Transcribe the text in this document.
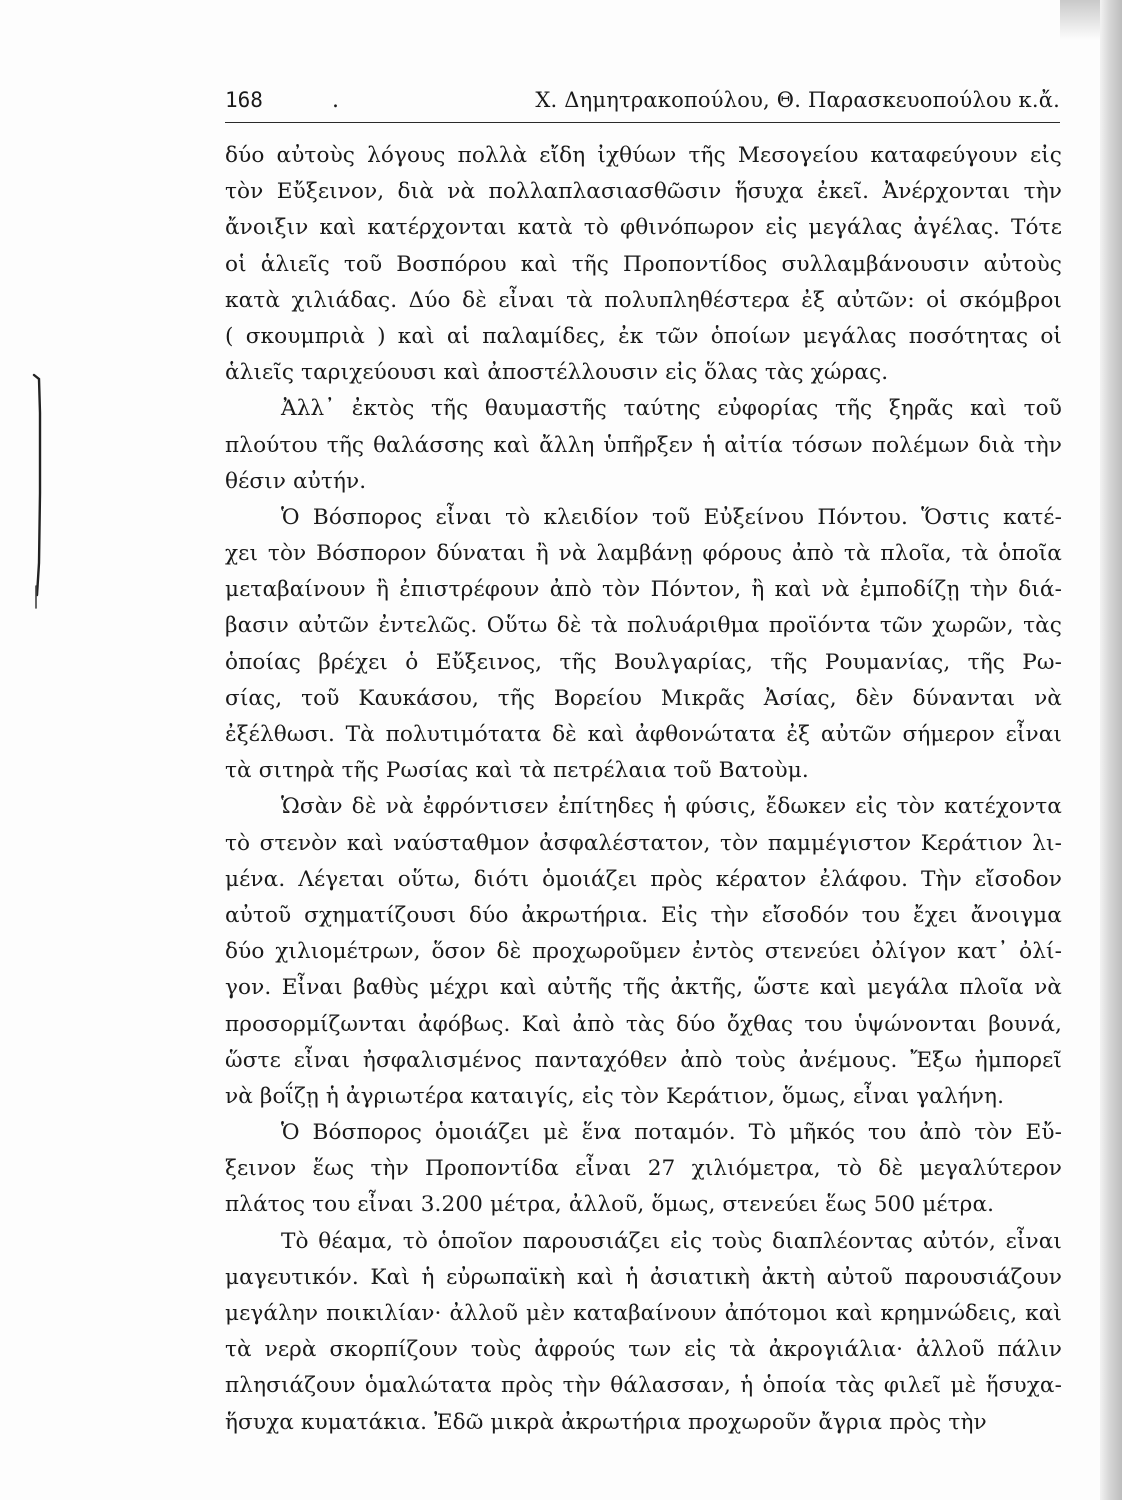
168	.	Χ. Δημητρακοπούλου, Θ. Παρασκευοπούλου κ.ἄ.
δύο αὐτοὺς λόγους πολλὰ εἴδη ἰχθύων τῆς Μεσογείου καταφεύγουν εἰς
τὸν Εὔξεινον, διὰ νὰ πολλαπλασιασθῶσιν ἥσυχα ἐκεῖ. Ἀνέρχονται τὴν
ἄνοιξιν καὶ κατέρχονται κατὰ τὸ φθινόπωρον εἰς μεγάλας ἀγέλας. Τότε
οἱ ἁλιεῖς τοῦ Βοσπόρου καὶ τῆς Προποντίδος συλλαμβάνουσιν αὐτοὺς
κατὰ χιλιάδας. Δύο δὲ εἶναι τὰ πολυπληθέστερα ἐξ αὐτῶν: οἱ σκόμβροι
( σκουμπριὰ ) καὶ αἱ παλαμίδες, ἐκ τῶν ὁποίων μεγάλας ποσότητας οἱ
ἁλιεῖς ταριχεύουσι καὶ ἀποστέλλουσιν εἰς ὅλας τὰς χώρας.
Ἀλλ᾽ ἐκτὸς τῆς θαυμαστῆς ταύτης εὐφορίας τῆς ξηρᾶς καὶ τοῦ
πλούτου τῆς θαλάσσης καὶ ἄλλη ὑπῆρξεν ἡ αἰτία τόσων πολέμων διὰ τὴν
θέσιν αὐτήν.
Ὁ Βόσπορος εἶναι τὸ κλειδίον τοῦ Εὐξείνου Πόντου. Ὅστις κατέ-
χει τὸν Βόσπορον δύναται ἢ νὰ λαμβάνῃ φόρους ἀπὸ τὰ πλοῖα, τὰ ὁποῖα
μεταβαίνουν ἢ ἐπιστρέφουν ἀπὸ τὸν Πόντον, ἢ καὶ νὰ ἐμποδίζῃ τὴν διά-
βασιν αὐτῶν ἐντελῶς. Οὕτω δὲ τὰ πολυάριθμα προϊόντα τῶν χωρῶν, τὰς
ὁποίας βρέχει ὁ Εὔξεινος, τῆς Βουλγαρίας, τῆς Ρουμανίας, τῆς Ρω-
σίας, τοῦ Καυκάσου, τῆς Βορείου Μικρᾶς Ἀσίας, δὲν δύνανται νὰ
ἐξέλθωσι. Τὰ πολυτιμότατα δὲ καὶ ἀφθονώτατα ἐξ αὐτῶν σήμερον εἶναι
τὰ σιτηρὰ τῆς Ρωσίας καὶ τὰ πετρέλαια τοῦ Βατοὺμ.
Ὡσὰν δὲ νὰ ἐφρόντισεν ἐπίτηδες ἡ φύσις, ἔδωκεν εἰς τὸν κατέχοντα
τὸ στενὸν καὶ ναύσταθμον ἀσφαλέστατον, τὸν παμμέγιστον Κεράτιον λι-
μένα. Λέγεται οὕτω, διότι ὁμοιάζει πρὸς κέρατον ἐλάφου. Τὴν εἴσοδον
αὐτοῦ σχηματίζουσι δύο ἀκρωτήρια. Εἰς τὴν εἴσοδόν του ἔχει ἄνοιγμα
δύο χιλιομέτρων, ὅσον δὲ προχωροῦμεν ἐντὸς στενεύει ὀλίγον κατ᾽ ὀλί-
γον. Εἶναι βαθὺς μέχρι καὶ αὐτῆς τῆς ἀκτῆς, ὥστε καὶ μεγάλα πλοῖα νὰ
προσορμίζωνται ἀφόβως. Καὶ ἀπὸ τὰς δύο ὄχθας του ὑψώνονται βουνά,
ὥστε εἶναι ἠσφαλισμένος πανταχόθεν ἀπὸ τοὺς ἀνέμους. Ἔξω ἠμπορεῖ
νὰ βοΐζῃ ἡ ἀγριωτέρα καταιγίς, εἰς τὸν Κεράτιον, ὅμως, εἶναι γαλήνη.
Ὁ Βόσπορος ὁμοιάζει μὲ ἕνα ποταμόν. Τὸ μῆκός του ἀπὸ τὸν Εὔ-
ξεινον ἕως τὴν Προποντίδα εἶναι 27 χιλιόμετρα, τὸ δὲ μεγαλύτερον
πλάτος του εἶναι 3.200 μέτρα, ἀλλοῦ, ὅμως, στενεύει ἕως 500 μέτρα.
Τὸ θέαμα, τὸ ὁποῖον παρουσιάζει εἰς τοὺς διαπλέοντας αὐτόν, εἶναι
μαγευτικόν. Καὶ ἡ εὐρωπαϊκὴ καὶ ἡ ἀσιατικὴ ἀκτὴ αὐτοῦ παρουσιάζουν
μεγάλην ποικιλίαν· ἀλλοῦ μὲν καταβαίνουν ἀπότομοι καὶ κρημνώδεις, καὶ
τὰ νερὰ σκορπίζουν τοὺς ἀφρούς των εἰς τὰ ἀκρογιάλια· ἀλλοῦ πάλιν
πλησιάζουν ὁμαλώτατα πρὸς τὴν θάλασσαν, ἡ ὁποία τὰς φιλεῖ μὲ ἥσυχα-
ἥσυχα κυματάκια. Ἐδῶ μικρὰ ἀκρωτήρια προχωροῦν ἄγρια πρὸς τὴν
